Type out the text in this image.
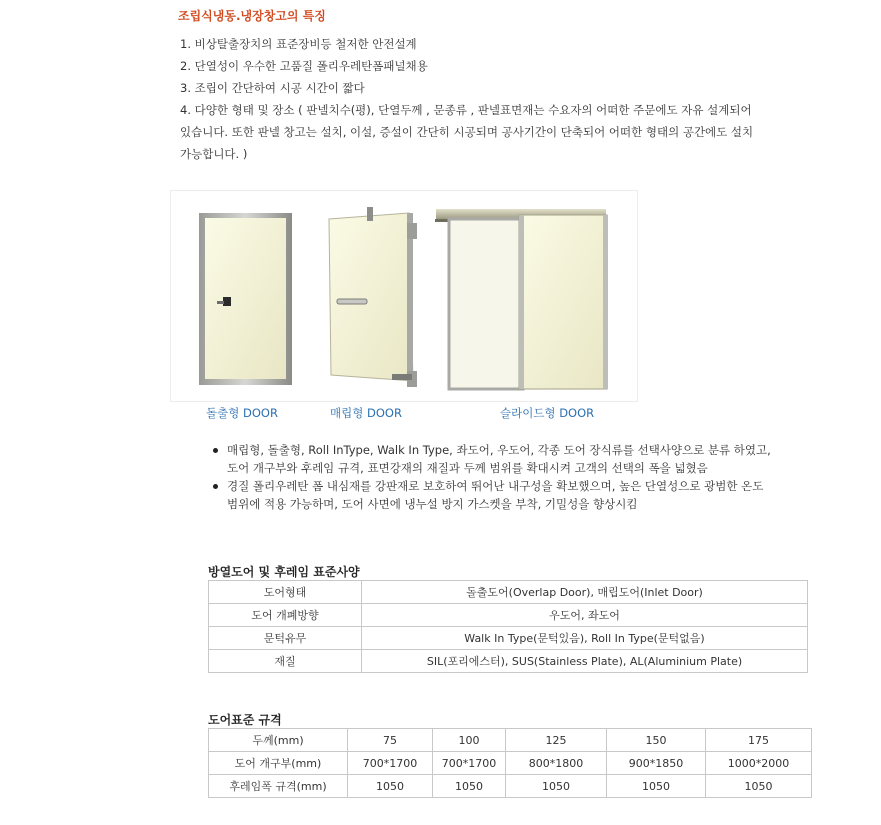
조립식냉동.냉장창고의 특징
1. 비상탈출장치의 표준장비등 철저한 안전설계
2. 단열성이 우수한 고품질 폴리우레탄폼패널채용
3. 조립이 간단하여 시공 시간이 짧다
4. 다양한 형태 및 장소 ( 판넬치수(평), 단열두께 , 문종류 , 판넬표면재는 수요자의 어떠한 주문에도 자유 설계되어
있습니다. 또한 판넬 창고는 설치, 이설, 증설이 간단히 시공되며 공사기간이 단축되어 어떠한 형태의 공간에도 설치
가능합니다. )
돌출형 DOOR	매립형 DOOR	슬라이드형 DOOR
매립형, 돌출형, Roll InType, Walk In Type, 좌도어, 우도어, 각종 도어 장식류를 선택사양으로 분류 하였고,
도어 개구부와 후레임 규격, 표면강재의 재질과 두께 범위를 확대시켜 고객의 선택의 폭을 넓혔음
경질 폴리우레탄 폼 내심재를 강판재로 보호하여 뛰어난 내구성을 확보했으며, 높은 단열성으로 광범한 온도
범위에 적용 가능하며, 도어 사면에 냉누설 방지 가스켓을 부착, 기밀성을 향상시킴
방열도어 및 후레임 표준사양
도어형태	돌출도어(Overlap Door), 매립도어(Inlet Door)
도어 개폐방향	우도어, 좌도어
문턱유무	Walk In Type(문턱있음), Roll In Type(문턱없음)
재질	SIL(포리에스터), SUS(Stainless Plate), AL(Aluminium Plate)
도어표준 규격
두께(mm)	75	100	125	150	175
도어 개구부(mm)	700*1700	700*1700	800*1800	900*1850	1000*2000
후레임폭 규격(mm)	1050	1050	1050	1050	1050
